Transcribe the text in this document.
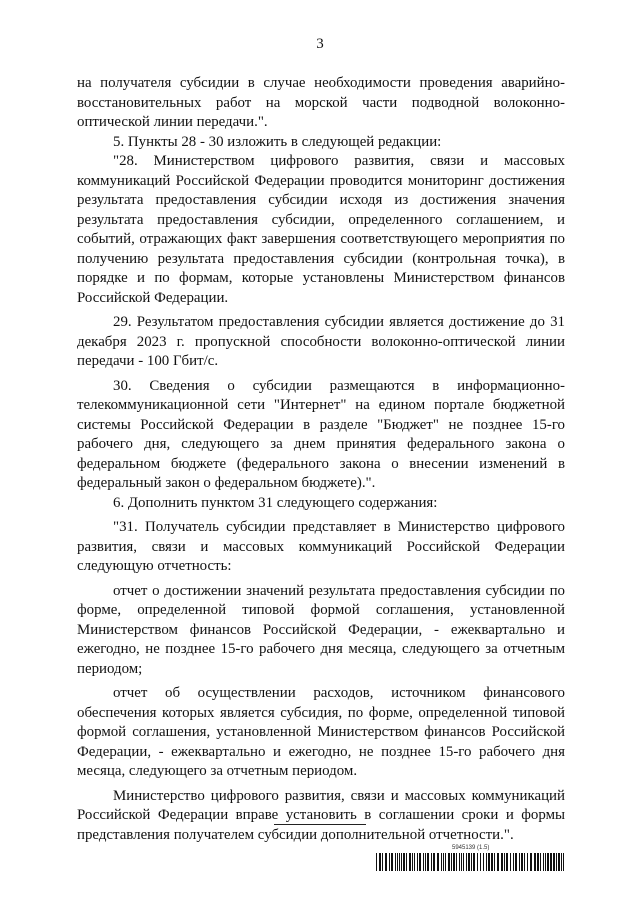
3

на получателя субсидии в случае необходимости проведения аварийно-восстановительных работ на морской части подводной волоконно-оптической линии передачи.".

5. Пункты 28 - 30 изложить в следующей редакции:

"28. Министерством цифрового развития, связи и массовых коммуникаций Российской Федерации проводится мониторинг достижения результата предоставления субсидии исходя из достижения значения результата предоставления субсидии, определенного соглашением, и событий, отражающих факт завершения соответствующего мероприятия по получению результата предоставления субсидии (контрольная точка), в порядке и по формам, которые установлены Министерством финансов Российской Федерации.

29. Результатом предоставления субсидии является достижение до 31 декабря 2023 г. пропускной способности волоконно-оптической линии передачи - 100 Гбит/с.

30. Сведения о субсидии размещаются в информационно-телекоммуникационной сети "Интернет" на едином портале бюджетной системы Российской Федерации в разделе "Бюджет" не позднее 15-го рабочего дня, следующего за днем принятия федерального закона о федеральном бюджете (федерального закона о внесении изменений в федеральный закон о федеральном бюджете).".

6. Дополнить пунктом 31 следующего содержания:

"31. Получатель субсидии представляет в Министерство цифрового развития, связи и массовых коммуникаций Российской Федерации следующую отчетность:

отчет о достижении значений результата предоставления субсидии по форме, определенной типовой формой соглашения, установленной Министерством финансов Российской Федерации, - ежеквартально и ежегодно, не позднее 15-го рабочего дня месяца, следующего за отчетным периодом;

отчет об осуществлении расходов, источником финансового обеспечения которых является субсидия, по форме, определенной типовой формой соглашения, установленной Министерством финансов Российской Федерации, - ежеквартально и ежегодно, не позднее 15-го рабочего дня месяца, следующего за отчетным периодом.

Министерство цифрового развития, связи и массовых коммуникаций Российской Федерации вправе установить в соглашении сроки и формы представления получателем субсидии дополнительной отчетности.".

5945139 (1.5)
